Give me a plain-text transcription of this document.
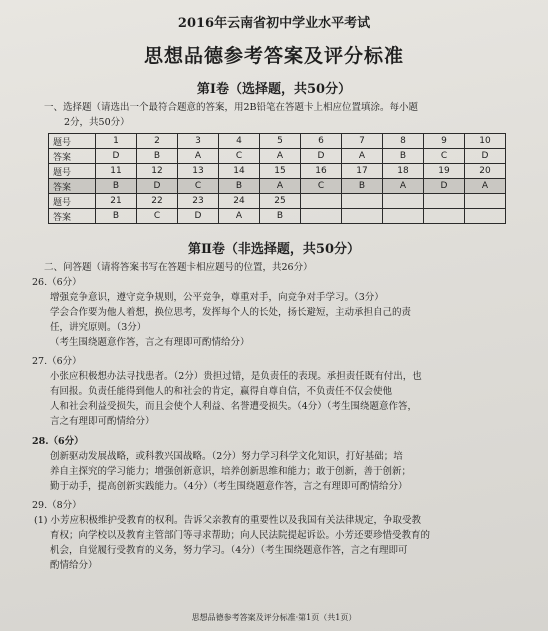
2016年云南省初中学业水平考试
思想品德参考答案及评分标准
第Ⅰ卷（选择题，共50分）
一、选择题（请选出一个最符合题意的答案，用2B铅笔在答题卡上相应位置填涂。每小题
2分，共50分）
题号	1	2	3	4	5	6	7	8	9	10
答案	D	B	A	C	A	D	A	B	C	D
题号	11	12	13	14	15	16	17	18	19	20
答案	B	D	C	B	A	C	B	A	D	A
题号	21	22	23	24	25					
答案	B	C	D	A	B					
第Ⅱ卷（非选择题，共50分）
二、问答题（请将答案书写在答题卡相应题号的位置，共26分）
26.（6分）
增强竞争意识，遵守竞争规则，公平竞争，尊重对手，向竞争对手学习。（3分）
学会合作要为他人着想，换位思考，发挥每个人的长处，扬长避短，主动承担自己的责
任，讲究原则。（3分）
（考生围绕题意作答，言之有理即可酌情给分）
27.（6分）
小张应积极想办法寻找患者。（2分）贵担过错，是负责任的表现。承担责任既有付出，也
有回报。负责任能得到他人的和社会的肯定，赢得自尊自信，不负责任不仅会使他
人和社会利益受损失，而且会使个人利益、名誉遭受损失。（4分）（考生围绕题意作答，
言之有理即可酌情给分）
28.（6分）
创新驱动发展战略，或科教兴国战略。（2分）努力学习科学文化知识，打好基础；培
养自主探究的学习能力；增强创新意识，培养创新思维和能力；敢于创新，善于创新；
勤于动手，提高创新实践能力。（4分）（考生围绕题意作答，言之有理即可酌情给分）
29.（8分）
(1) 小芳应积极维护受教育的权利。告诉父亲教育的重要性以及我国有关法律规定，争取受教
育权；向学校以及教育主管部门等寻求帮助；向人民法院提起诉讼。小芳还要珍惜受教育的
机会，自觉履行受教育的义务，努力学习。（4分）（考生围绕题意作答，言之有理即可
酌情给分）
思想品德参考答案及评分标准·第1页（共1页）
